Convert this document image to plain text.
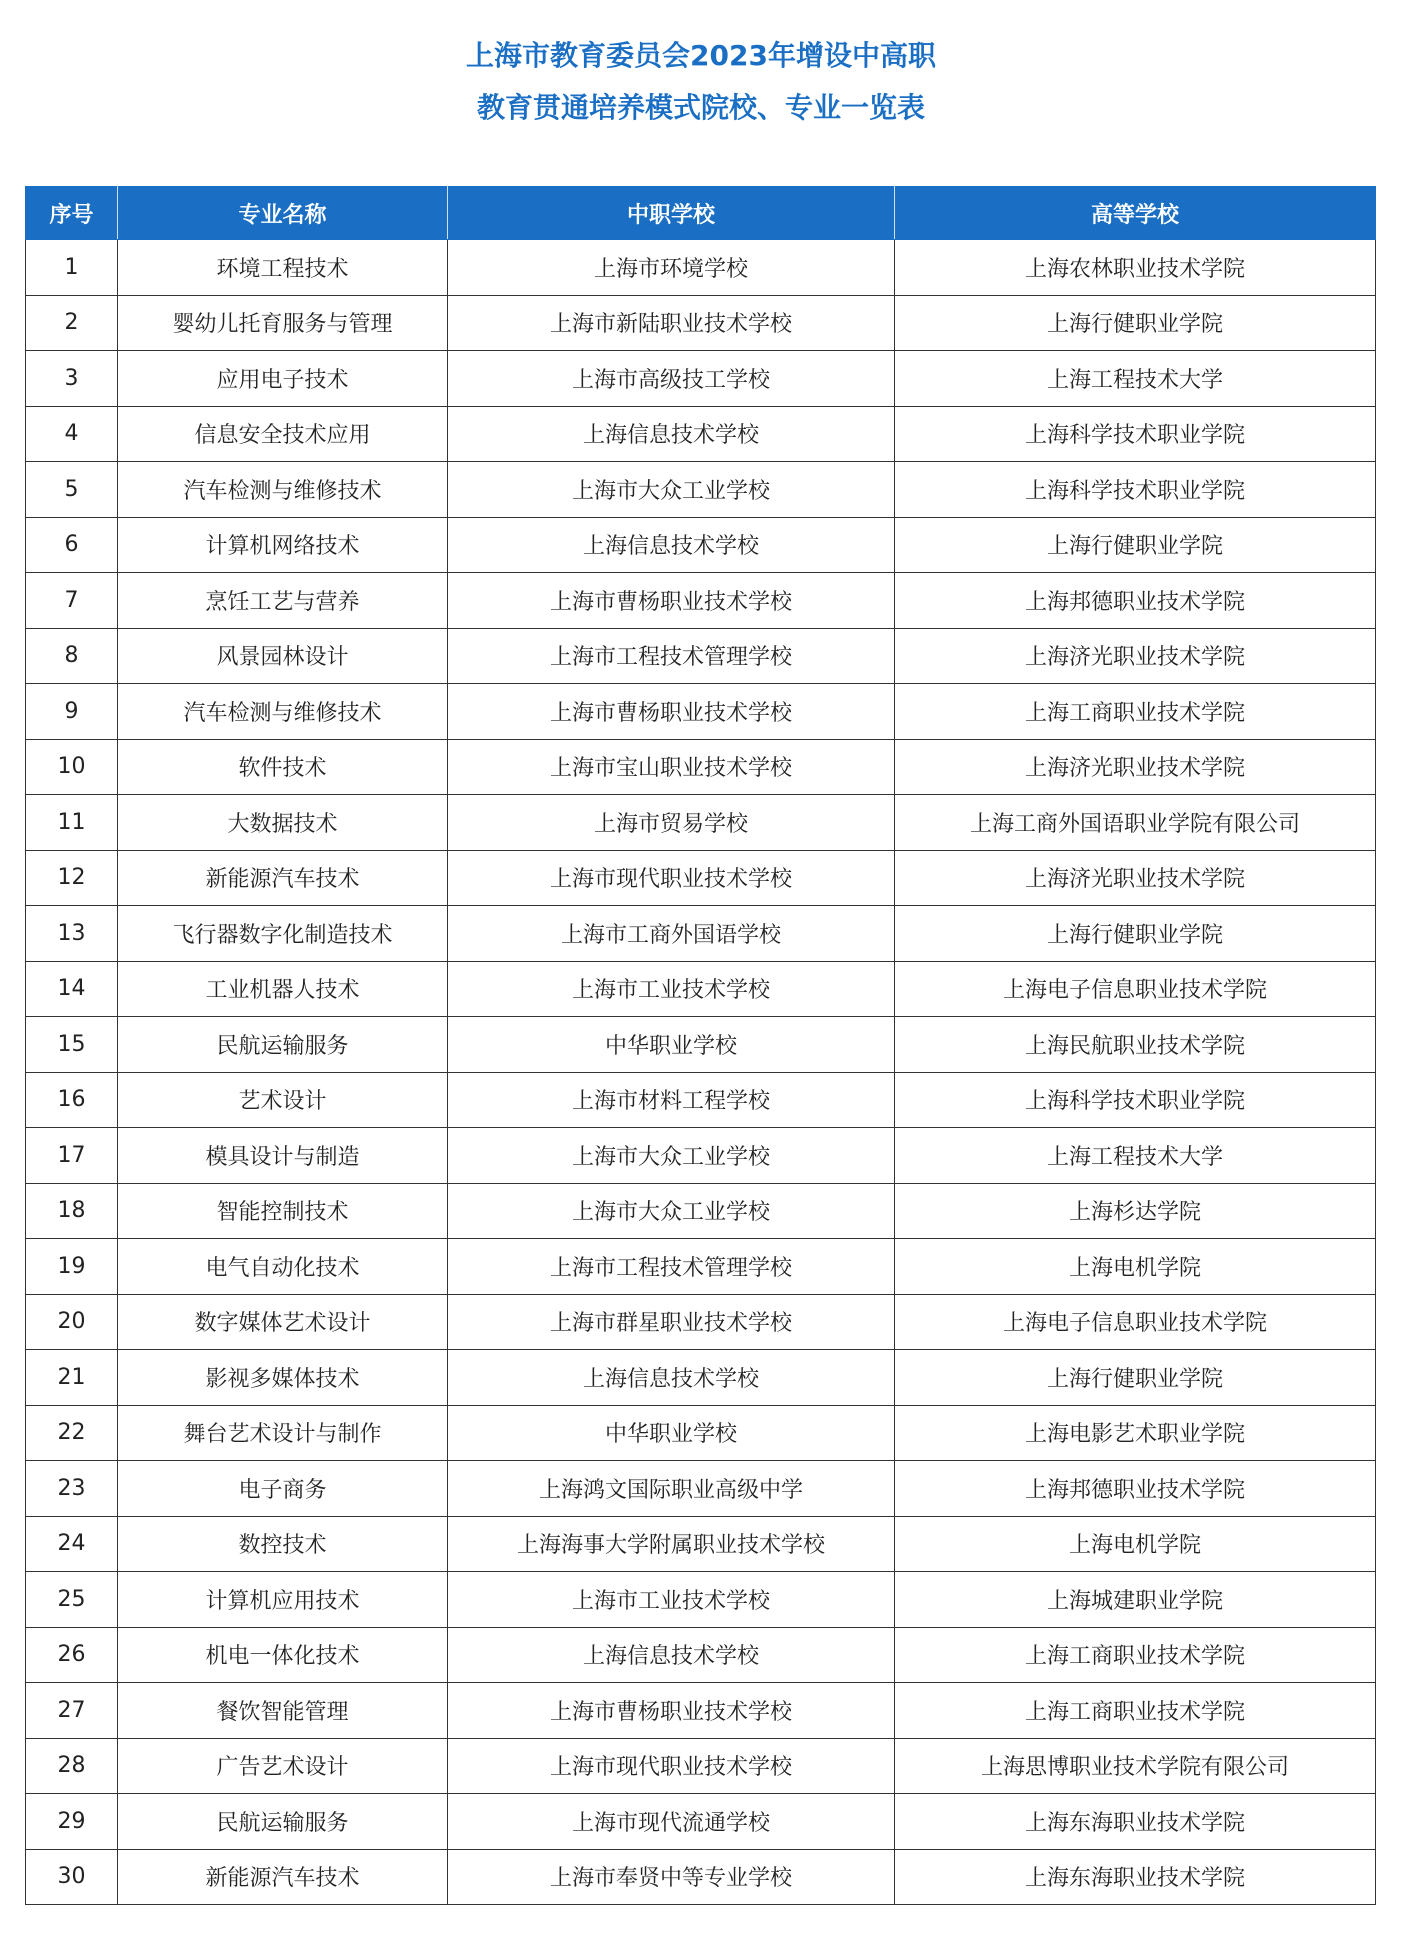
上海市教育委员会2023年增设中高职
教育贯通培养模式院校、专业一览表
序号	专业名称	中职学校	高等学校
1	环境工程技术	上海市环境学校	上海农林职业技术学院
2	婴幼儿托育服务与管理	上海市新陆职业技术学校	上海行健职业学院
3	应用电子技术	上海市高级技工学校	上海工程技术大学
4	信息安全技术应用	上海信息技术学校	上海科学技术职业学院
5	汽车检测与维修技术	上海市大众工业学校	上海科学技术职业学院
6	计算机网络技术	上海信息技术学校	上海行健职业学院
7	烹饪工艺与营养	上海市曹杨职业技术学校	上海邦德职业技术学院
8	风景园林设计	上海市工程技术管理学校	上海济光职业技术学院
9	汽车检测与维修技术	上海市曹杨职业技术学校	上海工商职业技术学院
10	软件技术	上海市宝山职业技术学校	上海济光职业技术学院
11	大数据技术	上海市贸易学校	上海工商外国语职业学院有限公司
12	新能源汽车技术	上海市现代职业技术学校	上海济光职业技术学院
13	飞行器数字化制造技术	上海市工商外国语学校	上海行健职业学院
14	工业机器人技术	上海市工业技术学校	上海电子信息职业技术学院
15	民航运输服务	中华职业学校	上海民航职业技术学院
16	艺术设计	上海市材料工程学校	上海科学技术职业学院
17	模具设计与制造	上海市大众工业学校	上海工程技术大学
18	智能控制技术	上海市大众工业学校	上海杉达学院
19	电气自动化技术	上海市工程技术管理学校	上海电机学院
20	数字媒体艺术设计	上海市群星职业技术学校	上海电子信息职业技术学院
21	影视多媒体技术	上海信息技术学校	上海行健职业学院
22	舞台艺术设计与制作	中华职业学校	上海电影艺术职业学院
23	电子商务	上海鸿文国际职业高级中学	上海邦德职业技术学院
24	数控技术	上海海事大学附属职业技术学校	上海电机学院
25	计算机应用技术	上海市工业技术学校	上海城建职业学院
26	机电一体化技术	上海信息技术学校	上海工商职业技术学院
27	餐饮智能管理	上海市曹杨职业技术学校	上海工商职业技术学院
28	广告艺术设计	上海市现代职业技术学校	上海思博职业技术学院有限公司
29	民航运输服务	上海市现代流通学校	上海东海职业技术学院
30	新能源汽车技术	上海市奉贤中等专业学校	上海东海职业技术学院
